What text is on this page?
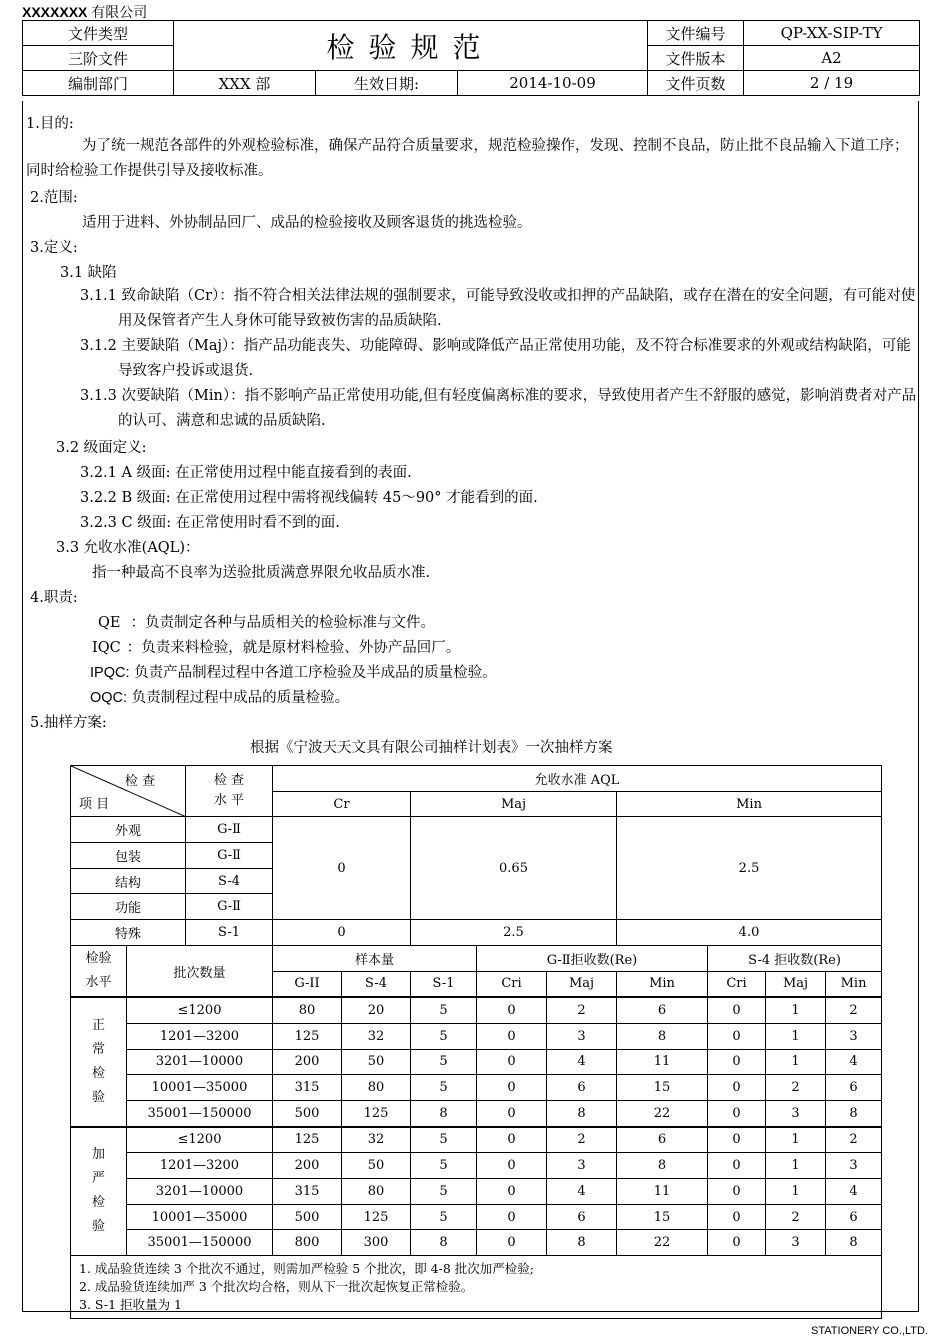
XXXXXXX 有限公司
文件类型	检验规范			文件编号	QP-XX-SIP-TY
三阶文件				文件版本	A2
编制部门	XXX 部	生效日期:	2014-10-09	文件页数	2 / 19
1.目的:
为了统一规范各部件的外观检验标准，确保产品符合质量要求，规范检验操作，发现、控制不良品，防止批不良品输入下道工序；同时给检验工作提供引导及接收标准。
2.范围:
适用于进料、外协制品回厂、成品的检验接收及顾客退货的挑选检验。
3.定义:
3.1 缺陷
3.1.1 致命缺陷（Cr）：指不符合相关法律法规的强制要求，可能导致没收或扣押的产品缺陷，或存在潜在的安全问题，有可能对使用及保管者产生人身休可能导致被伤害的品质缺陷.
3.1.2 主要缺陷（Maj）：指产品功能丧失、功能障碍、影响或降低产品正常使用功能，及不符合标准要求的外观或结构缺陷，可能导致客户投诉或退货.
3.1.3 次要缺陷（Min）：指不影响产品正常使用功能,但有轻度偏离标准的要求，导致使用者产生不舒服的感觉，影响消费者对产品的认可、满意和忠诚的品质缺陷.
3.2 级面定义:
3.2.1 A 级面: 在正常使用过程中能直接看到的表面.
3.2.2 B 级面: 在正常使用过程中需将视线偏转 45～90° 才能看到的面.
3.2.3 C 级面: 在正常使用时看不到的面.
3.3 允收水准(AQL)：
指一种最高不良率为送验批质满意界限允收品质水准.
4.职责:
QE ：负责制定各种与品质相关的检验标准与文件。
IQC ：负责来料检验，就是原材料检验、外协产品回厂。
IPQC: 负责产品制程过程中各道工序检验及半成品的质量检验。
OQC: 负责制程过程中成品的质量检验。
5.抽样方案:
根据《宁波天天文具有限公司抽样计划表》一次抽样方案
检 查
项 目		检 查
水 平	允收水准 AQL								
			Cr		Maj			Min			
外观		G-Ⅱ	0		0.65			2.5			
包装		G-Ⅱ									
结构		S-4									
功能		G-Ⅱ									
特殊		S-1	0		2.5			4.0			
检验
水平	批次数量		样本量			G-Ⅱ拒收数(Re)			S-4 拒收数(Re)		
			G-II	S-4	S-1	Cri	Maj	Min	Cri	Maj	Min
正
常
检
验	≤1200		80	20	5	0	2	6	0	1	2
	1201—3200		125	32	5	0	3	8	0	1	3
	3201—10000		200	50	5	0	4	11	0	1	4
	10001—35000		315	80	5	0	6	15	0	2	6
	35001—150000		500	125	8	0	8	22	0	3	8
加
严
检
验	≤1200		125	32	5	0	2	6	0	1	2
	1201—3200		200	50	5	0	3	8	0	1	3
	3201—10000		315	80	5	0	4	11	0	1	4
	10001—35000		500	125	5	0	6	15	0	2	6
	35001—150000		800	300	8	0	8	22	0	3	8

1. 成品验货连续 3 个批次不通过，则需加严检验 5 个批次，即 4-8 批次加严检验;
2. 成品验货连续加严 3 个批次均合格，则从下一批次起恢复正常检验。
3. S-1 拒收量为 1											
STATIONERY CO.,LTD.
